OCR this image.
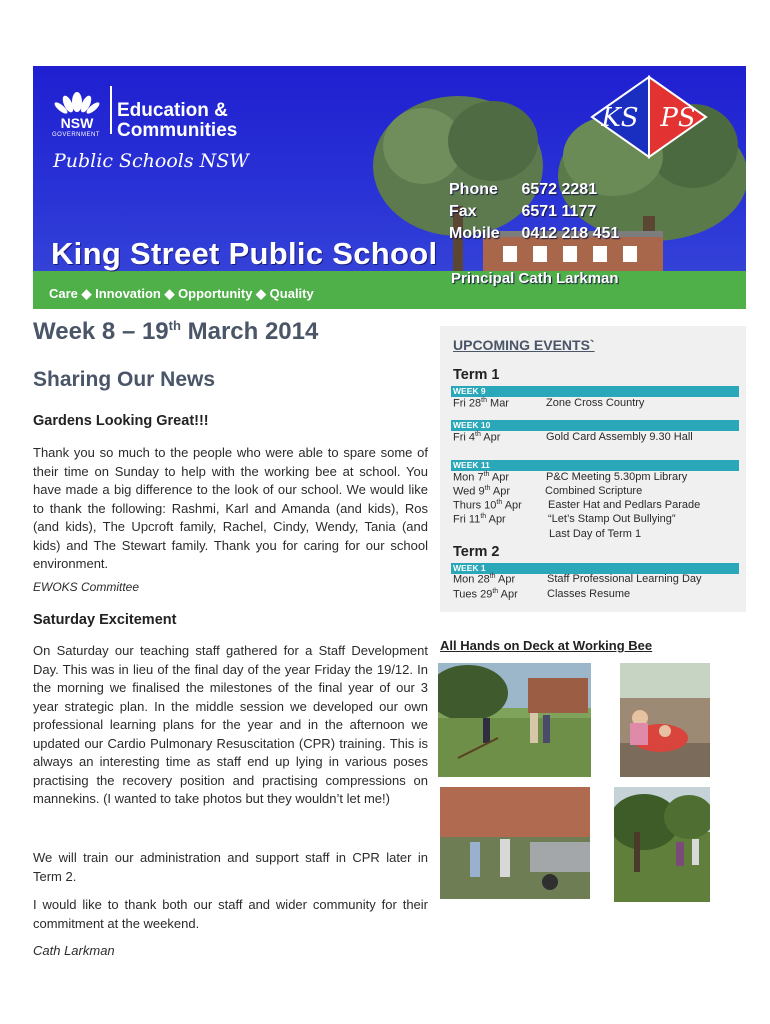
NSW
GOVERNMENT
Education &
Communities
Public Schools NSW
KS PS
Phone 6572 2281
Fax	6571 1177
Mobile 0412 218 451
King Street Public School
Principal Cath Larkman
Care ◆ Innovation ◆ Opportunity ◆ Quality
Week 8 – 19th March 2014
Sharing Our News
Gardens Looking Great!!!
Thank you so much to the people who were able to spare some of their time on Sunday to help with the working bee at school. You have made a big difference to the look of our school. We would like to thank the following: Rashmi, Karl and Amanda (and kids), Ros (and kids), The Upcroft family, Rachel, Cindy, Wendy, Tania (and kids) and The Stewart family. Thank you for caring for our school environment.
EWOKS Committee
Saturday Excitement
On Saturday our teaching staff gathered for a Staff Development Day. This was in lieu of the final day of the year Friday the 19/12. In the morning we finalised the milestones of the final year of our 3 year strategic plan. In the middle session we developed our own professional learning plans for the year and in the afternoon we updated our Cardio Pulmonary Resuscitation (CPR) training. This is always an interesting time as staff end up lying in various poses practising the recovery position and practising compressions on mannekins. (I wanted to take photos but they wouldn’t let me!)
We will train our administration and support staff in CPR later in Term 2.
I would like to thank both our staff and wider community for their commitment at the weekend.
Cath Larkman
UPCOMING EVENTS`
Term 1
WEEK 9
Fri 28th Mar	Zone Cross Country
WEEK 10
Fri 4th Apr	Gold Card Assembly 9.30 Hall
WEEK 11
Mon 7th Apr	P&C Meeting 5.30pm Library
Wed 9th Apr	Combined Scripture
Thurs 10th Apr Easter Hat and Pedlars Parade
Fri 11th Apr	“Let’s Stamp Out Bullying”
Last Day of Term 1
Term 2
WEEK 1
Mon 28th Apr	Staff Professional Learning Day
Tues 29th Apr	Classes Resume
All Hands on Deck at Working Bee
